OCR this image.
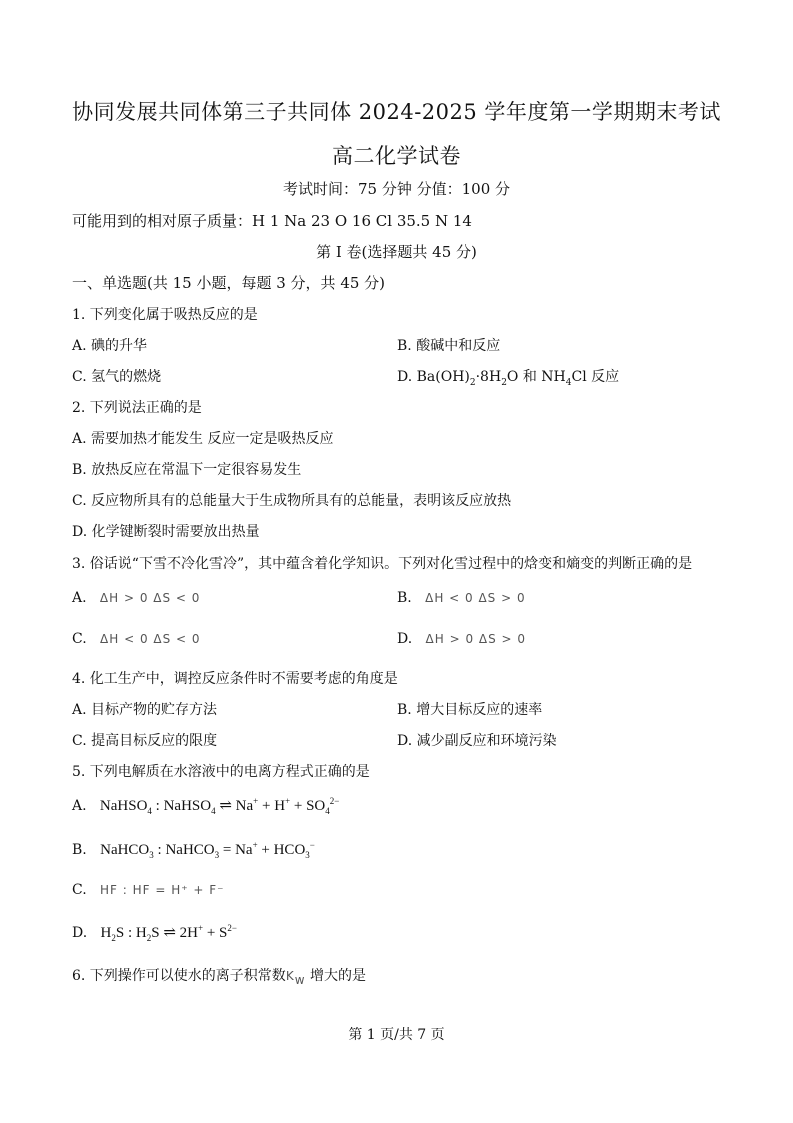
协同发展共同体第三子共同体 2024-2025 学年度第一学期期末考试
高二化学试卷
考试时间：75 分钟 分值：100 分
可能用到的相对原子质量：H 1 Na 23 O 16 Cl 35.5 N 14
第 I 卷(选择题共 45 分)
一、单选题(共 15 小题，每题 3 分，共 45 分)
1. 下列变化属于吸热反应的是
A. 碘的升华	B. 酸碱中和反应
C. 氢气的燃烧	D. $Ba(OH)_2\cdot 8H_2O$ 和 $NH_4Cl$ 反应
2. 下列说法正确的是
A. 需要加热才能发生 反应一定是吸热反应
B. 放热反应在常温下一定很容易发生
C. 反应物所具有的总能量大于生成物所具有的总能量，表明该反应放热
D. 化学键断裂时需要放出热量
3. 俗话说“下雪不冷化雪冷”，其中蕴含着化学知识。下列对化雪过程中的焓变和熵变的判断正确的是
A. ΔH > 0 ΔS < 0	B. ΔH < 0 ΔS > 0
C. ΔH < 0 ΔS < 0	D. ΔH > 0 ΔS > 0
4. 化工生产中，调控反应条件时不需要考虑的角度是
A. 目标产物的贮存方法	B. 增大目标反应的速率
C. 提高目标反应的限度	D. 减少副反应和环境污染
5. 下列电解质在水溶液中的电离方程式正确的是
A. NaHSO$_4$ : NaHSO$_4$ ⇌ $Na^+ + H^+ + SO_4^{2-}$
B. NaHCO$_3$ : NaHCO$_3$ = $Na^+ + HCO_3^-$
C. HF : HF = H⁺ + F⁻
D. $H_2S$ : $H_2S$ ⇌ $2H^+ + S^{2-}$
6. 下列操作可以使水的离子积常数$K_w$ 增大的是
第 1 页/共 7 页
